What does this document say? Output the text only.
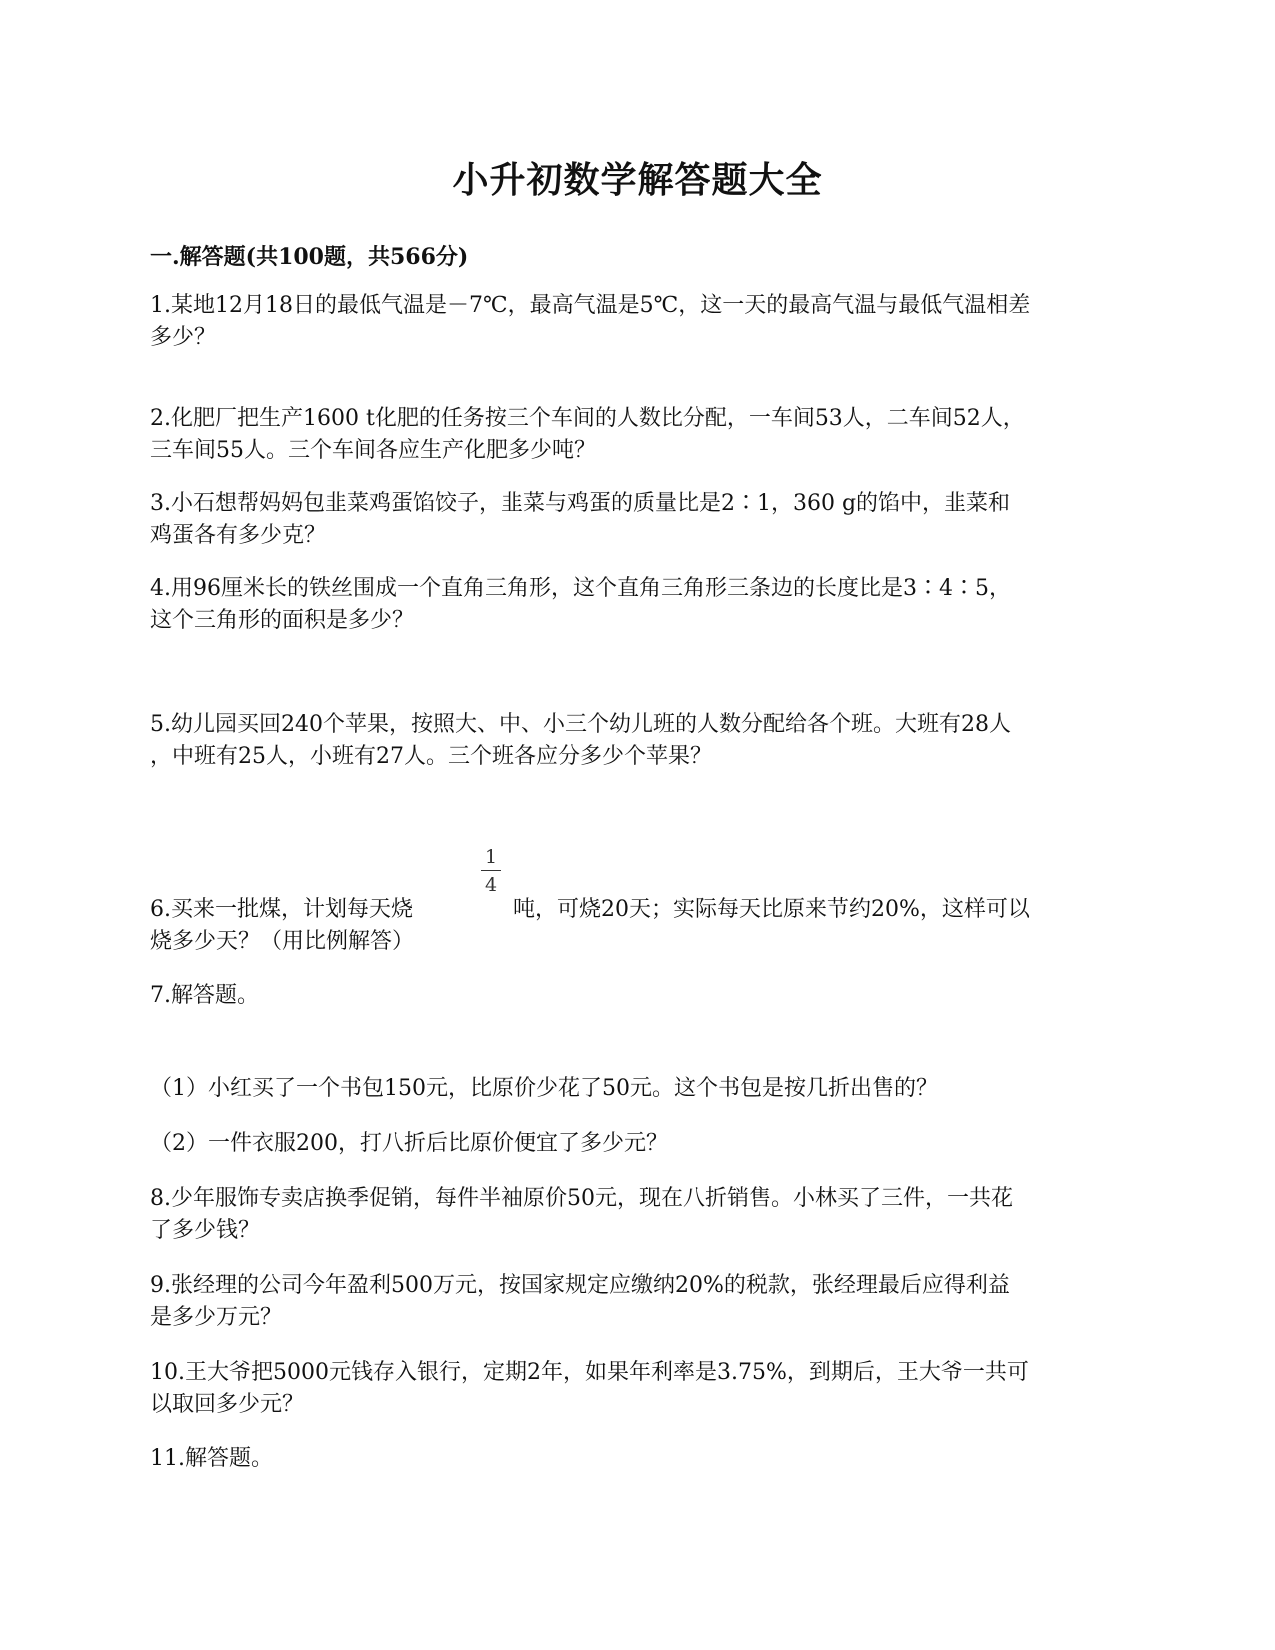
小升初数学解答题大全
一.解答题(共100题，共566分)
1.某地12月18日的最低气温是－7℃，最高气温是5℃，这一天的最高气温与最低气温相差
多少？
2.化肥厂把生产1600 t化肥的任务按三个车间的人数比分配，一车间53人，二车间52人，
三车间55人。三个车间各应生产化肥多少吨？
3.小石想帮妈妈包韭菜鸡蛋馅饺子，韭菜与鸡蛋的质量比是2∶1，360 g的馅中，韭菜和
鸡蛋各有多少克？
4.用96厘米长的铁丝围成一个直角三角形，这个直角三角形三条边的长度比是3∶4∶5，
这个三角形的面积是多少？
5.幼儿园买回240个苹果，按照大、中、小三个幼儿班的人数分配给各个班。大班有28人
，中班有25人，小班有27人。三个班各应分多少个苹果？
1
4
6.买来一批煤，计划每天烧	吨，可烧20天；实际每天比原来节约20%，这样可以
烧多少天？（用比例解答）
7.解答题。
（1）小红买了一个书包150元，比原价少花了50元。这个书包是按几折出售的？
（2）一件衣服200，打八折后比原价便宜了多少元？
8.少年服饰专卖店换季促销，每件半袖原价50元，现在八折销售。小林买了三件，一共花
了多少钱？
9.张经理的公司今年盈利500万元，按国家规定应缴纳20%的税款，张经理最后应得利益
是多少万元？
10.王大爷把5000元钱存入银行，定期2年，如果年利率是3.75%，到期后，王大爷一共可
以取回多少元？
11.解答题。
